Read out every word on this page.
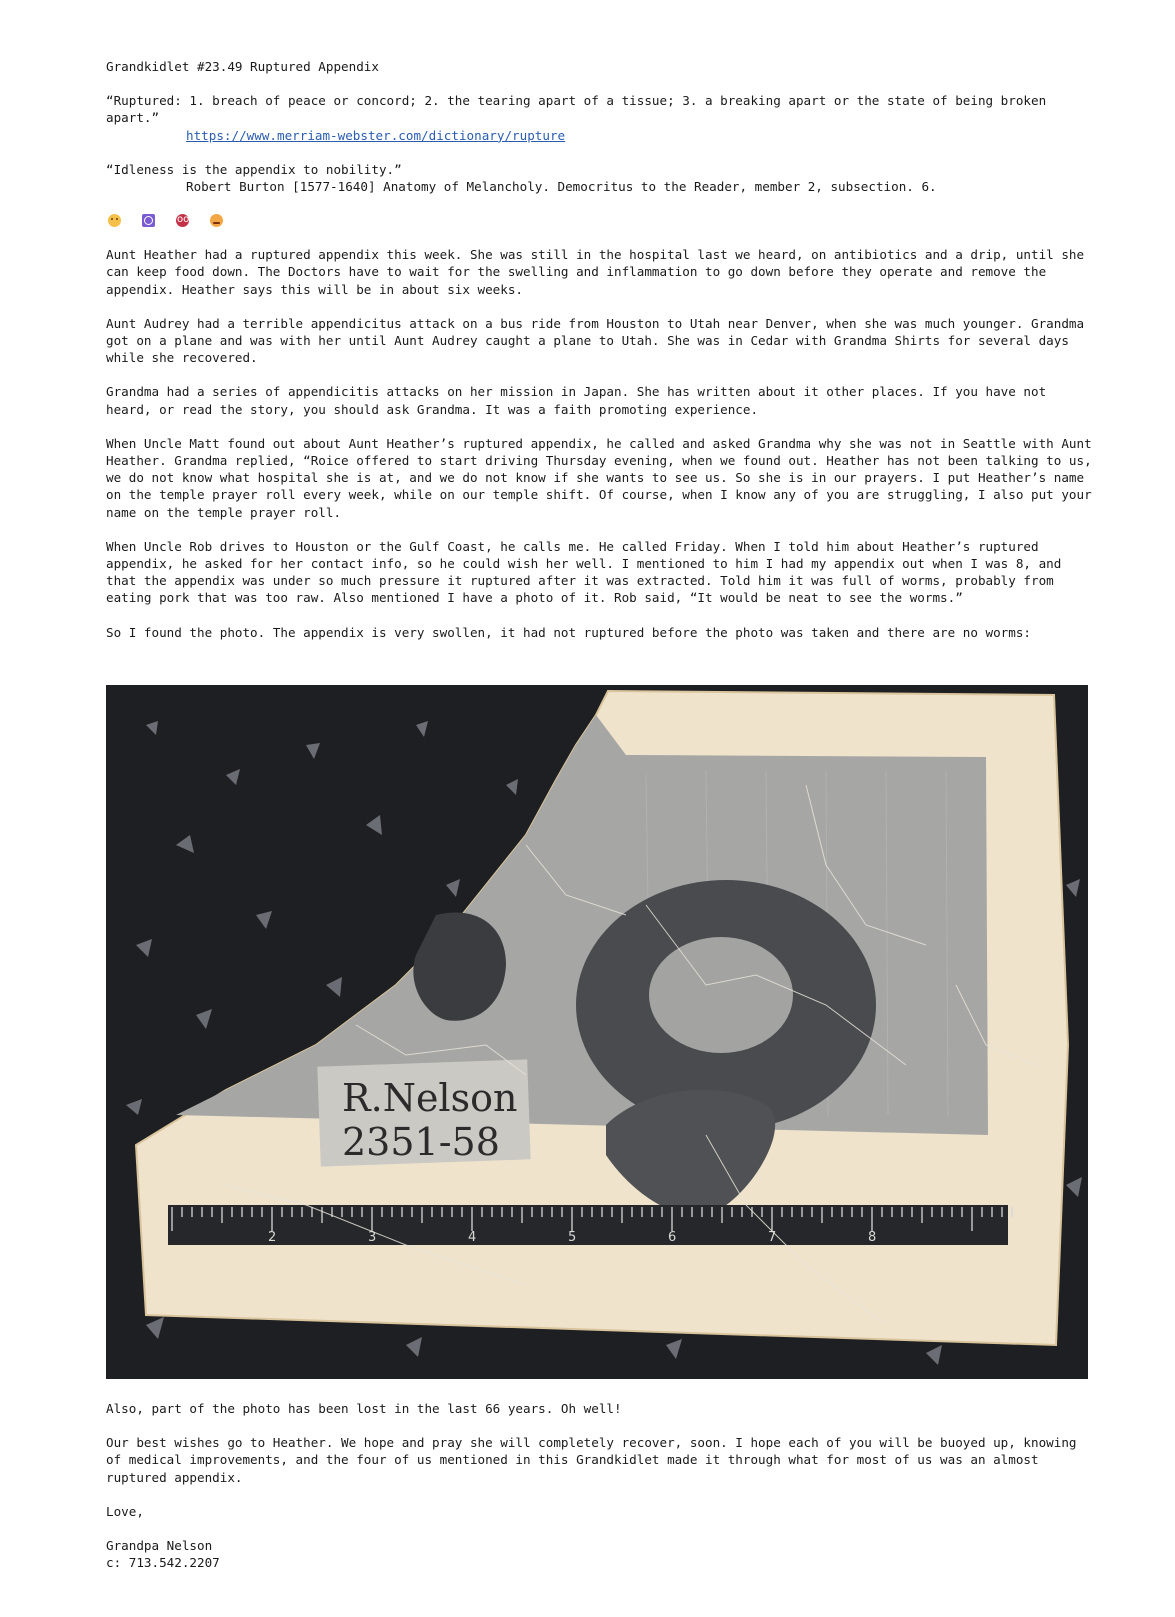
Grandkidlet #23.49 Ruptured Appendix

“Ruptured: 1. breach of peace or concord; 2. the tearing apart of a tissue; 3. a breaking apart or the state of being broken apart.”
https://www.merriam-webster.com/dictionary/rupture

“Idleness is the appendix to nobility.”
Robert Burton [1577-1640] Anatomy of Melancholy. Democritus to the Reader, member 2, subsection. 6.

oo

Aunt Heather had a ruptured appendix this week. She was still in the hospital last we heard, on antibiotics and a drip, until she can keep food down. The Doctors have to wait for the swelling and inflammation to go down before they operate and remove the appendix. Heather says this will be in about six weeks.

Aunt Audrey had a terrible appendicitus attack on a bus ride from Houston to Utah near Denver, when she was much younger. Grandma got on a plane and was with her until Aunt Audrey caught a plane to Utah. She was in Cedar with Grandma Shirts for several days while she recovered.

Grandma had a series of appendicitis attacks on her mission in Japan. She has written about it other places. If you have not heard, or read the story, you should ask Grandma. It was a faith promoting experience.

When Uncle Matt found out about Aunt Heather’s ruptured appendix, he called and asked Grandma why she was not in Seattle with Aunt Heather. Grandma replied, “Roice offered to start driving Thursday evening, when we found out. Heather has not been talking to us, we do not know what hospital she is at, and we do not know if she wants to see us. So she is in our prayers. I put Heather’s name on the temple prayer roll every week, while on our temple shift. Of course, when I know any of you are struggling, I also put your name on the temple prayer roll.

When Uncle Rob drives to Houston or the Gulf Coast, he calls me. He called Friday. When I told him about Heather’s ruptured appendix, he asked for her contact info, so he could wish her well. I mentioned to him I had my appendix out when I was 8, and that the appendix was under so much pressure it ruptured after it was extracted. Told him it was full of worms, probably from eating pork that was too raw. Also mentioned I have a photo of it. Rob said, “It would be neat to see the worms.”

So I found the photo. The appendix is very swollen, it had not ruptured before the photo was taken and there are no worms:

R.Nelson
2351-58
2	3	4	5	6	7	8

Also, part of the photo has been lost in the last 66 years. Oh well!

Our best wishes go to Heather. We hope and pray she will completely recover, soon. I hope each of you will be buoyed up, knowing of medical improvements, and the four of us mentioned in this Grandkidlet made it through what for most of us was an almost ruptured appendix.

Love,

Grandpa Nelson
c: 713.542.2207
